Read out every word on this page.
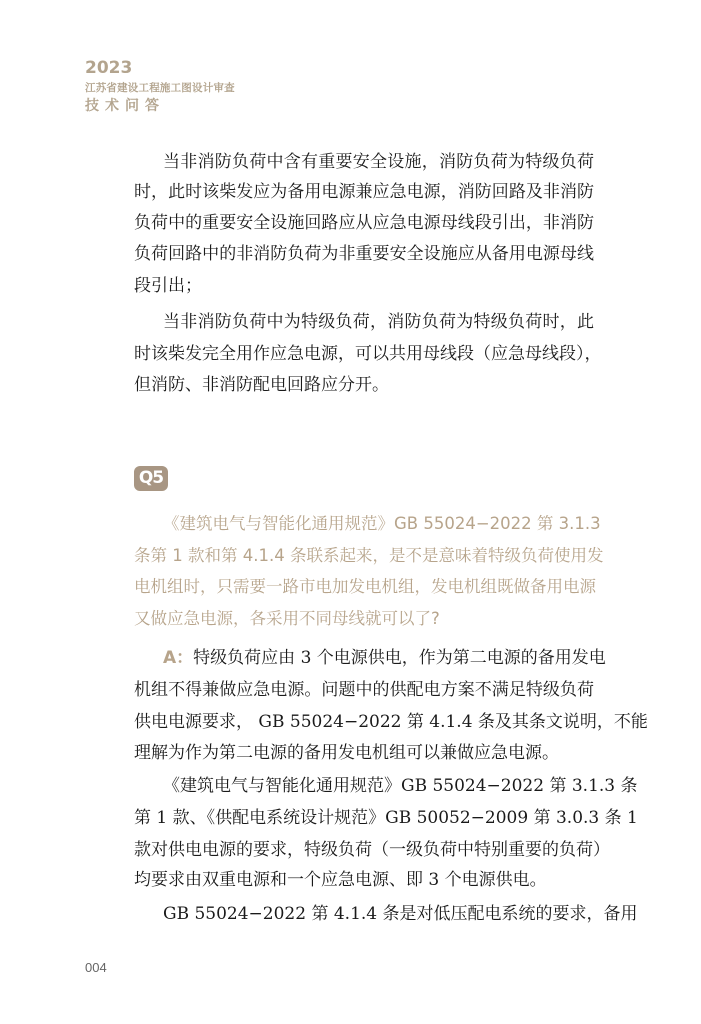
2023
江苏省建设工程施工图设计审查
技术问答
Q5
当非消防负荷中含有重要安全设施，消防负荷为特级负荷
时，此时该柴发应为备用电源兼应急电源，消防回路及非消防
负荷中的重要安全设施回路应从应急电源母线段引出，非消防
负荷回路中的非消防负荷为非重要安全设施应从备用电源母线
段引出；
当非消防负荷中为特级负荷，消防负荷为特级负荷时，此
时该柴发完全用作应急电源，可以共用母线段（应急母线段），
但消防、非消防配电回路应分开。
《建筑电气与智能化通用规范》GB 55024−2022 第 3.1.3
条第 1 款和第 4.1.4 条联系起来，是不是意味着特级负荷使用发
电机组时，只需要一路市电加发电机组，发电机组既做备用电源
又做应急电源，各采用不同母线就可以了?
A：特级负荷应由 3 个电源供电，作为第二电源的备用发电
机组不得兼做应急电源。问题中的供配电方案不满足特级负荷
供电电源要求， GB 55024−2022 第 4.1.4 条及其条文说明，不能
理解为作为第二电源的备用发电机组可以兼做应急电源。
《建筑电气与智能化通用规范》GB 55024−2022 第 3.1.3 条
第 1 款、《供配电系统设计规范》GB 50052−2009 第 3.0.3 条 1
款对供电电源的要求，特级负荷（一级负荷中特别重要的负荷）
均要求由双重电源和一个应急电源、即 3 个电源供电。
GB 55024−2022 第 4.1.4 条是对低压配电系统的要求，备用
004
